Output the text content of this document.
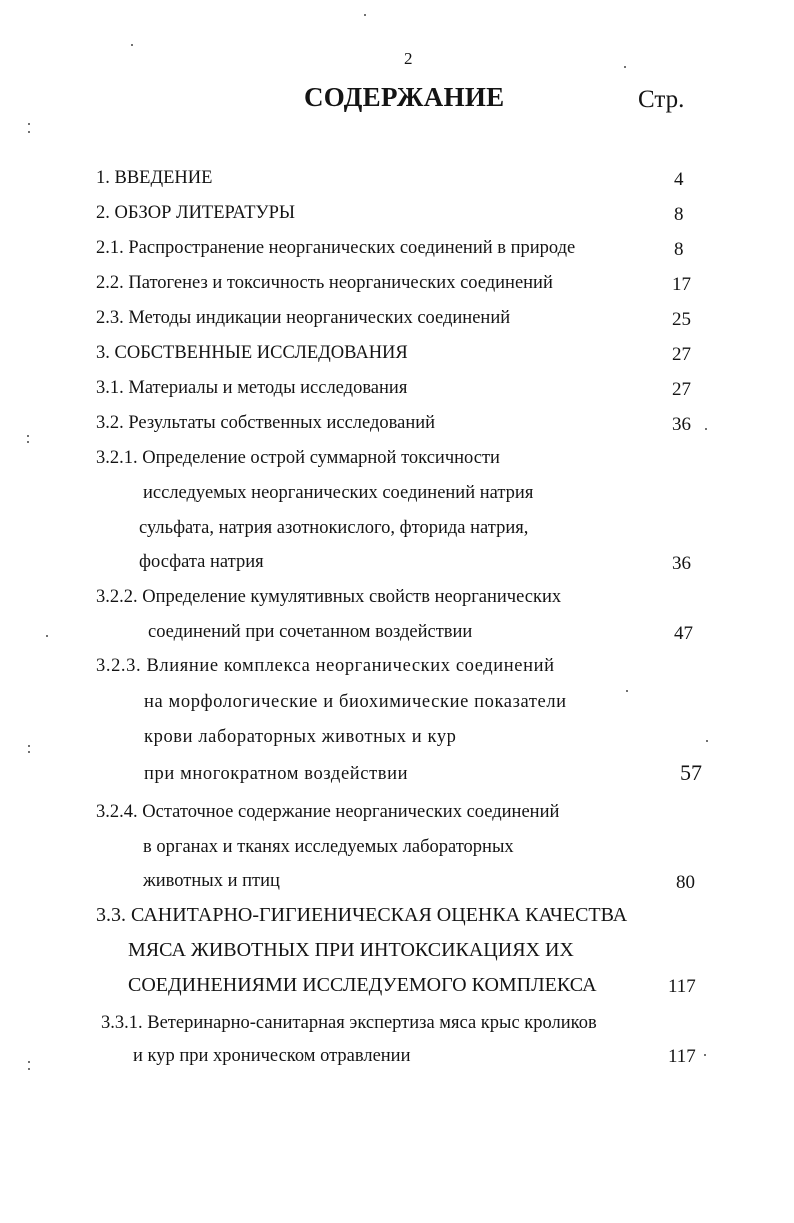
2
СОДЕРЖАНИЕ	Стр.
1. ВВЕДЕНИЕ	4
2. ОБЗОР ЛИТЕРАТУРЫ	8
2.1. Распространение неорганических соединений в природе	8
2.2. Патогенез и токсичность неорганических соединений	17
2.3. Методы индикации неорганических соединений	25
3. СОБСТВЕННЫЕ ИССЛЕДОВАНИЯ	27
3.1. Материалы и методы исследования	27
3.2. Результаты собственных исследований	36
3.2.1. Определение острой суммарной токсичности
исследуемых неорганических соединений натрия
сульфата, натрия азотнокислого, фторида натрия,
фосфата натрия	36
3.2.2. Определение кумулятивных свойств неорганических
соединений при сочетанном воздействии	47
3.2.3. Влияние комплекса неорганических соединений
на морфологические и биохимические показатели
крови лабораторных животных и кур
при многократном воздействии	57
3.2.4. Остаточное содержание неорганических соединений
в органах и тканях исследуемых лабораторных
животных и птиц	80
3.3. САНИТАРНО-ГИГИЕНИЧЕСКАЯ ОЦЕНКА КАЧЕСТВА
МЯСА ЖИВОТНЫХ ПРИ ИНТОКСИКАЦИЯХ ИХ
СОЕДИНЕНИЯМИ ИССЛЕДУЕМОГО КОМПЛЕКСА	117
3.3.1. Ветеринарно-санитарная экспертиза мяса крыс кроликов
и кур при хроническом отравлении	117
